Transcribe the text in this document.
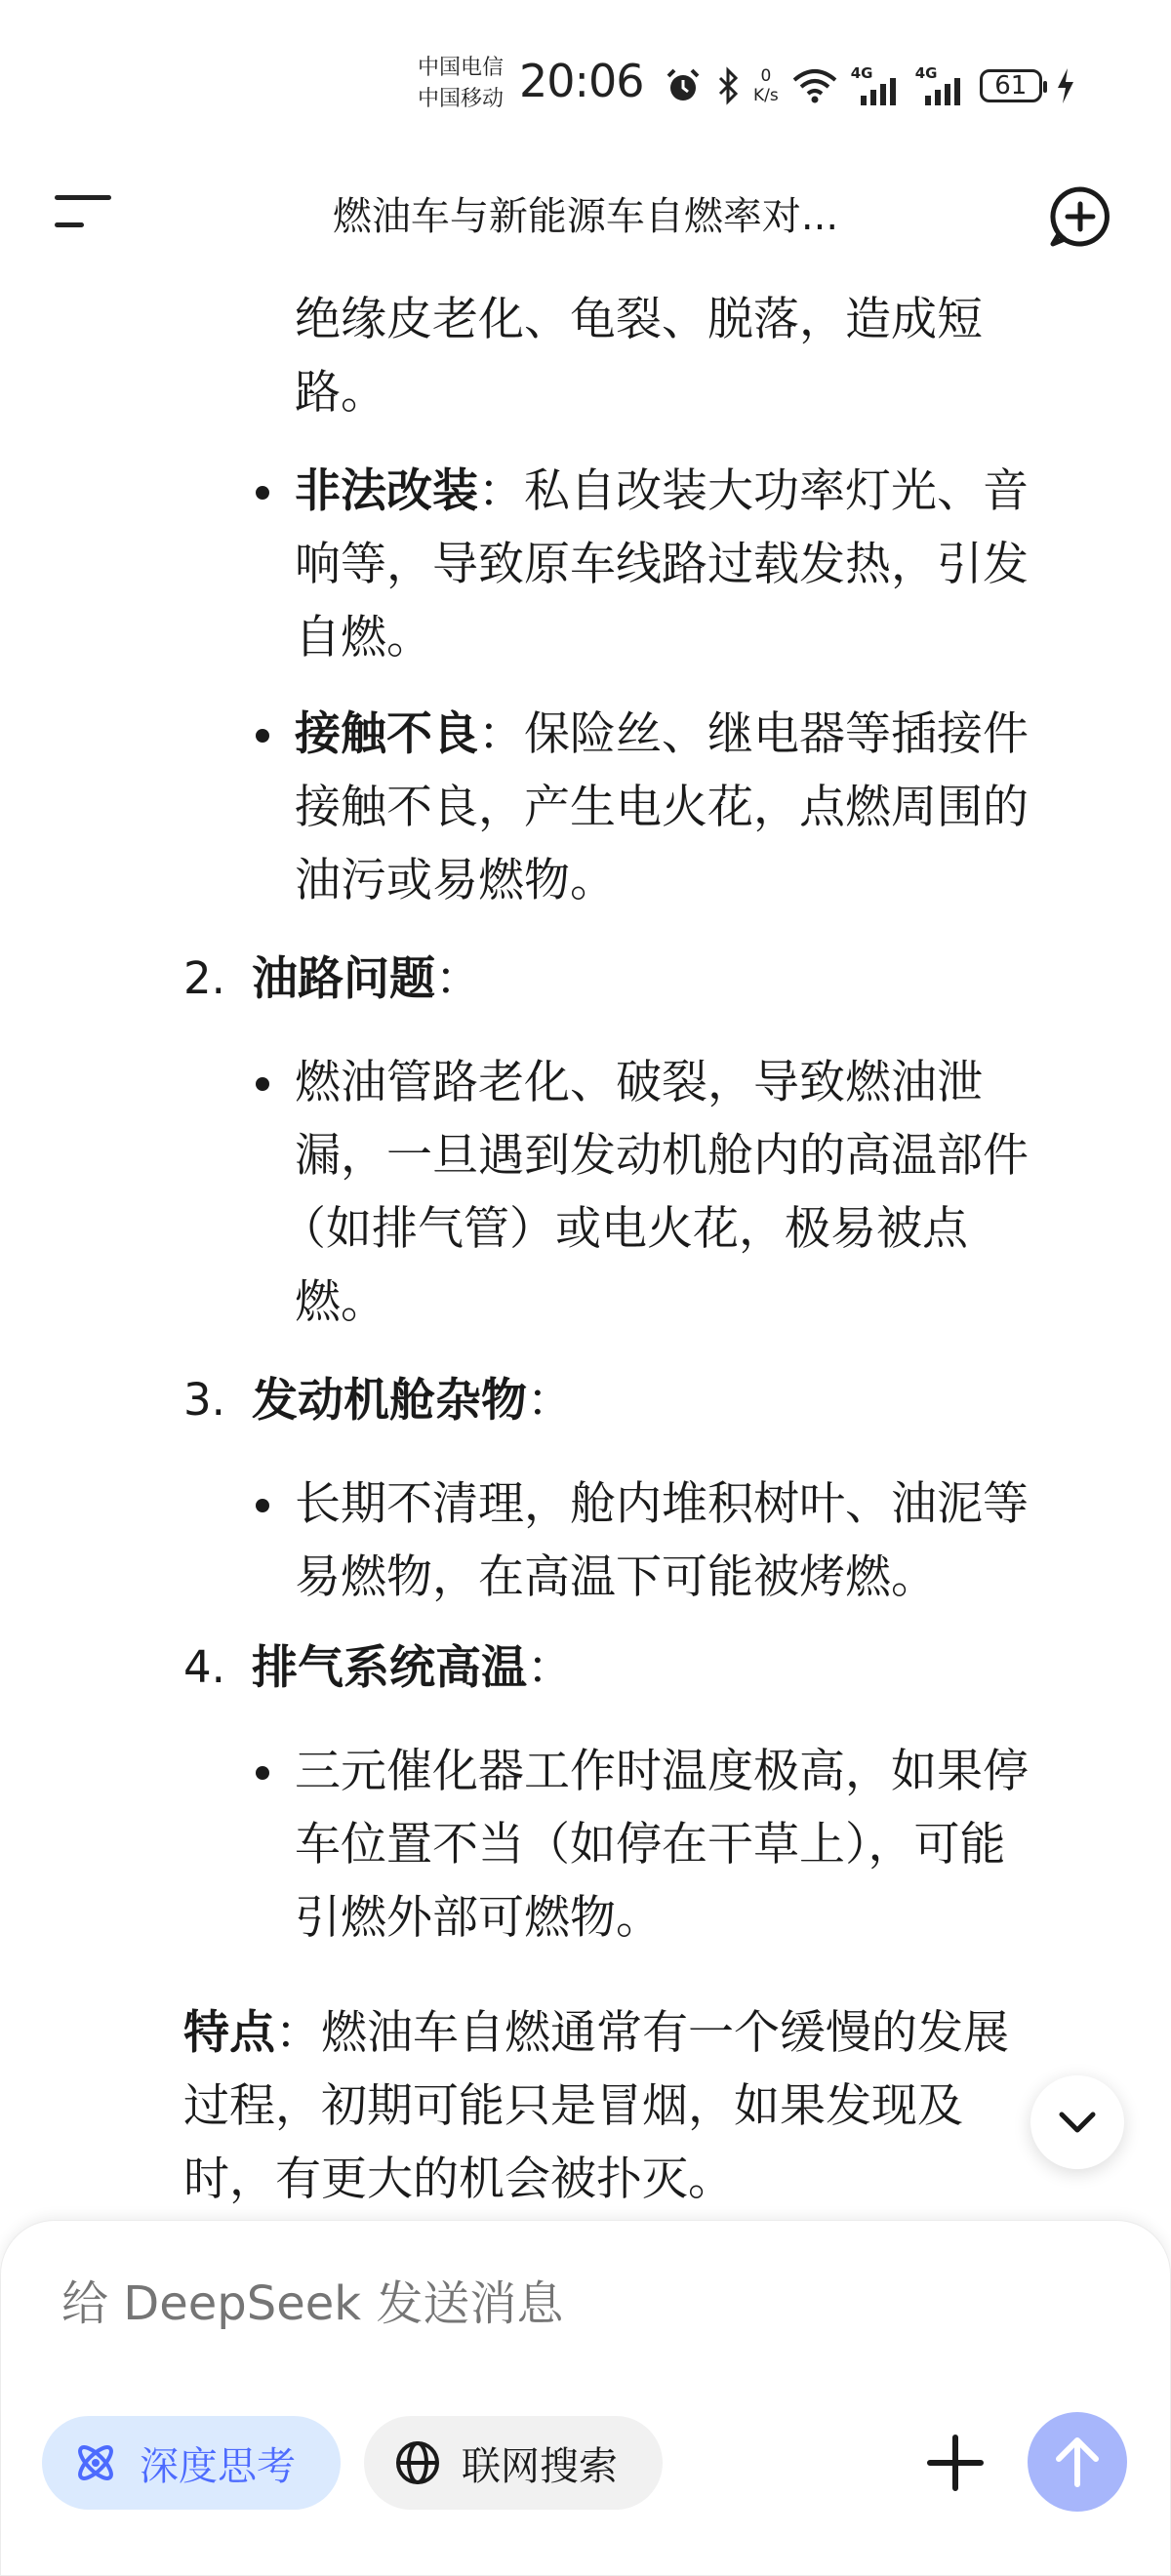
中国电信
中国移动 20:06	0
K/s
4G	4G 61
燃油车与新能源车自燃率对...
绝缘皮老化、龟裂、脱落，造成短
路。
非法改装：私自改装大功率灯光、音
响等，导致原车线路过载发热，引发
自燃。
接触不良：保险丝、继电器等插接件
接触不良，产生电火花，点燃周围的
油污或易燃物。
2. 油路问题：
燃油管路老化、破裂，导致燃油泄
漏，一旦遇到发动机舱内的高温部件
（如排气管）或电火花，极易被点
燃。
3. 发动机舱杂物：
长期不清理，舱内堆积树叶、油泥等
易燃物，在高温下可能被烤燃。
4. 排气系统高温：
三元催化器工作时温度极高，如果停
车位置不当（如停在干草上），可能
引燃外部可燃物。
特点：燃油车自燃通常有一个缓慢的发展
过程，初期可能只是冒烟，如果发现及
时，有更大的机会被扑灭。
给 DeepSeek 发送消息
深度思考	联网搜索
